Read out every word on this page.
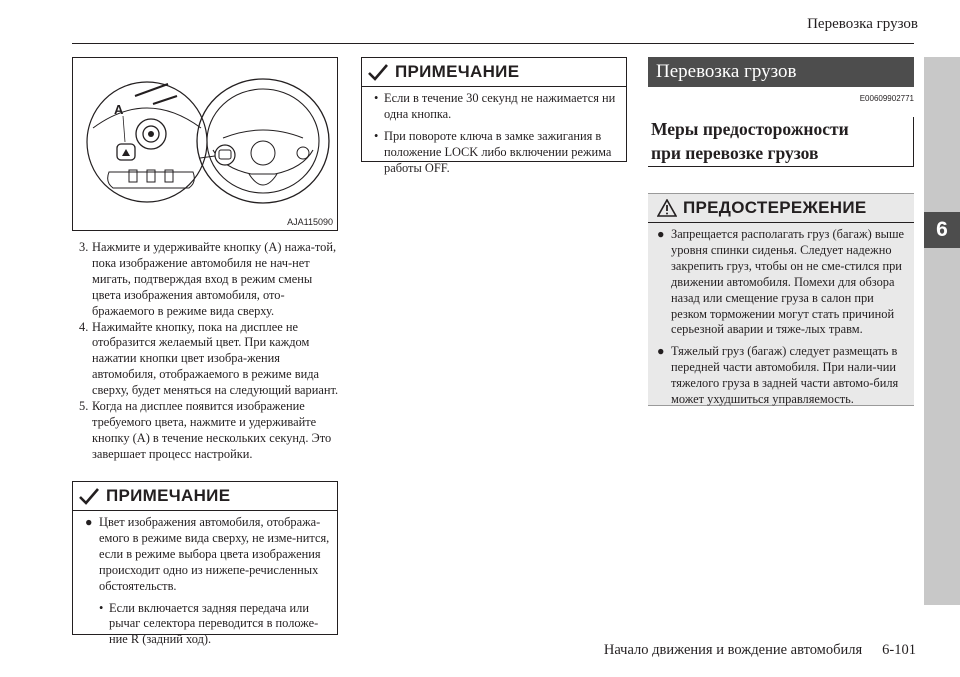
Перевозка грузов
6
A
AJA115090
3. Нажмите и удерживайте кнопку (A) нажа-той, пока изображение автомобиля не нач-нет мигать, подтверждая вход в режим смены цвета изображения автомобиля, ото-бражаемого в режиме вида сверху.
4. Нажимайте кнопку, пока на дисплее не отобразится желаемый цвет. При каждом нажатии кнопки цвет изобра-жения автомобиля, отображаемого в режиме вида сверху, будет меняться на следующий вариант.
5. Когда на дисплее появится изображение требуемого цвета, нажмите и удерживайте кнопку (A) в течение нескольких секунд. Это завершает процесс настройки.
ПРИМЕЧАНИЕ
● Цвет изображения автомобиля, отобража-емого в режиме вида сверху, не изме-нится, если в режиме выбора цвета изображения происходит одно из нижепе-речисленных обстоятельств.
• Если включается задняя передача или рычаг селектора переводится в положе-ние R (задний ход).
ПРИМЕЧАНИЕ
• Если в течение 30 секунд не нажимается ни одна кнопка.
• При повороте ключа в замке зажигания в положение LOCK либо включении режима работы OFF.
Перевозка грузов
E00609902771
Меры предосторожности
при перевозке грузов
ПРЕДОСТЕРЕЖЕНИЕ
● Запрещается располагать груз (багаж) выше уровня спинки сиденья. Следует надежно закрепить груз, чтобы он не сме-стился при движении автомобиля. Помехи для обзора назад или смещение груза в салон при резком торможении могут стать причиной серьезной аварии и тяже-лых травм.
● Тяжелый груз (багаж) следует размещать в передней части автомобиля. При нали-чии тяжелого груза в задней части автомо-биля может ухудшиться управляемость.
Начало движения и вождение автомобиля 6-101
